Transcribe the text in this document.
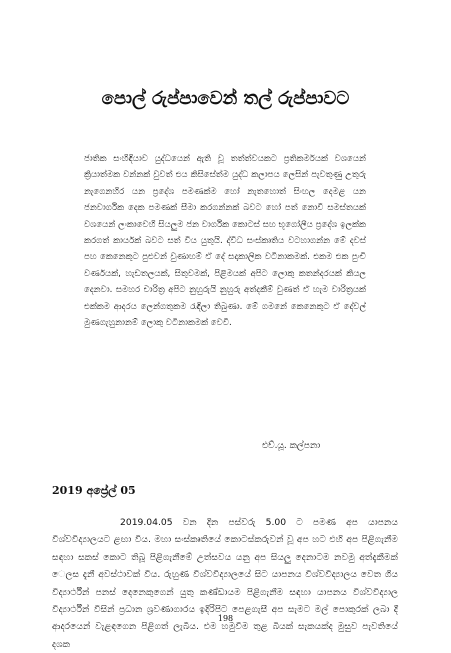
පොල් රුප්පාවෙන් තල් රුප්පාවට

ජාතික සංහිඳියාව යුද්ධයෙන් ඇති වූ තත්ත්වයකට ප්‍රතිකර්මයක් වශයෙන් ක්‍රියාත්මක වන්නක් වුවත් එය කිසිසේත්ම යුද්ධ කලාපය ලෙසින් පැවතුණු උතුරු නැගෙනහිර යන ප්‍රදේශ පමණක්ම හෝ නැතහොත් සිංහල දෙමළ යන ජනවාර්ගික දෙක පමණක් සීමා කරගන්නක් බවට හෝ පත් නොවී සමස්තයක් වශයෙන් ලංකාවෙහි සියලුම ජන වාර්ගික කොටස් සහ භූගෝලීය ප්‍රදේශ ඉලක්ක කරගත් කාර්යක් බවට සත් විය යුතුයි. ද්විධ සංස්කෘතිය වටහාගන්න මේ දවස් පහ කෙනෙකුට පුළුවන් වුණාහම් ඒ දේ සදාකාලික වටිනාකමක්. එකම එක පුංචි වර්ණයක්, හැඩතලයක්, සිතුවමක්, පිළිමයක් අපිට ලොකු කතන්දරයක් කියල දෙනවා. සමහර චාරිත්‍ර අපිට නුහුරුයි නුහුරු අත්දකීම් වුණත් ඒ හැම වාරිත්‍රයක් එක්කම ආදරය ලෙන්ගතුකම රැඳිලා තිබුණා. මේ ගමනේ කෙනෙකුට ඒ දේවල් මුණගැහුනානම් ලොකු වටිනාකමක් වෙවී.

එච්.යූ. කල්පනා
2019 අප්‍රේල් 05

2019.04.05 වන දින පස්වරු 5.00 ට පමණ අප යාපනය විශ්වවිද්‍යාලයට ළඟා විය. මහා සංස්කෘතියේ කොටස්කරුවන් වූ අප හට එහි අප පිළිගැනීම සඳහා සකස් කොට තිබූ පිළිගැනීමේ උත්සවය යනු අප සියලු දෙනාටම නවමු අත්දැකීමක් ‍ෙලස දැනී අවස්ථාවක් විය. රුහුණ විශ්වවිද්‍යාලයේ සිට යාපනය විශ්වවිද්‍යාලය වෙත ගිය විද්‍යාර්ථීන් පනස් දෙනෙකුගෙන් යුතු කණ්ඩායම පිළිගැනීම සඳහා යාපනය විශ්වවිද්‍යාල විද්‍යාර්ථීන් විසින් ප්‍රධාන ශ්‍රවණාගාරය ඉදිරිපිට පෙළගැසී අප සැමට මල් පොකුරක් ලබා දී ආදරයෙන් වැළඳගෙන පිළිගත් ලැබීය. එම හමුවීම තුළ බියක් සැකයක්ද මුසුව පැවතියේ දශක

198
